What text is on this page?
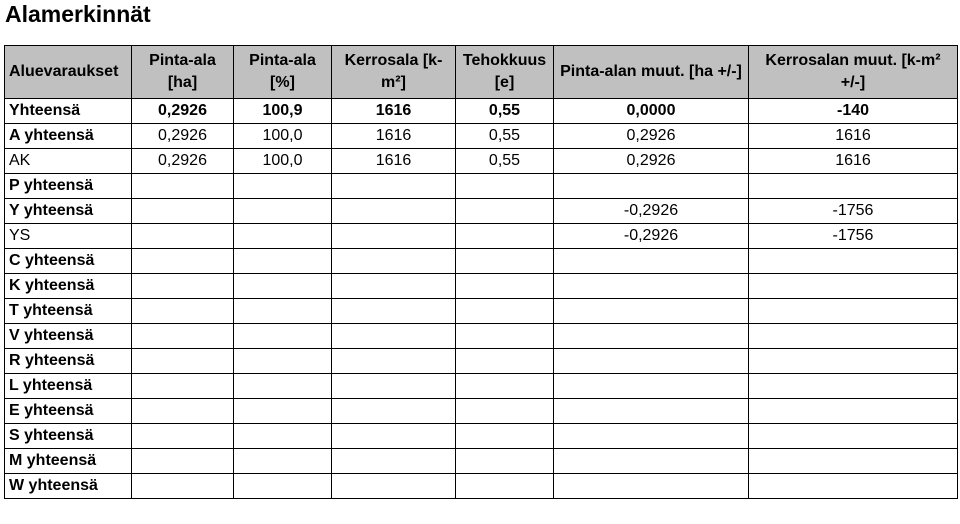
Alamerkinnät
Aluevaraukset	Pinta-ala [ha]	Pinta-ala [%]	Kerrosala [k-m²]	Tehokkuus [e]	Pinta-alan muut. [ha +/-]	Kerrosalan muut. [k-m² +/-]
Yhteensä	0,2926	100,9	1616	0,55	0,0000	-140
A yhteensä	0,2926	100,0	1616	0,55	0,2926	1616
AK	0,2926	100,0	1616	0,55	0,2926	1616
P yhteensä						
Y yhteensä					-0,2926	-1756
YS					-0,2926	-1756
C yhteensä						
K yhteensä						
T yhteensä						
V yhteensä						
R yhteensä						
L yhteensä						
E yhteensä						
S yhteensä						
M yhteensä						
W yhteensä						
